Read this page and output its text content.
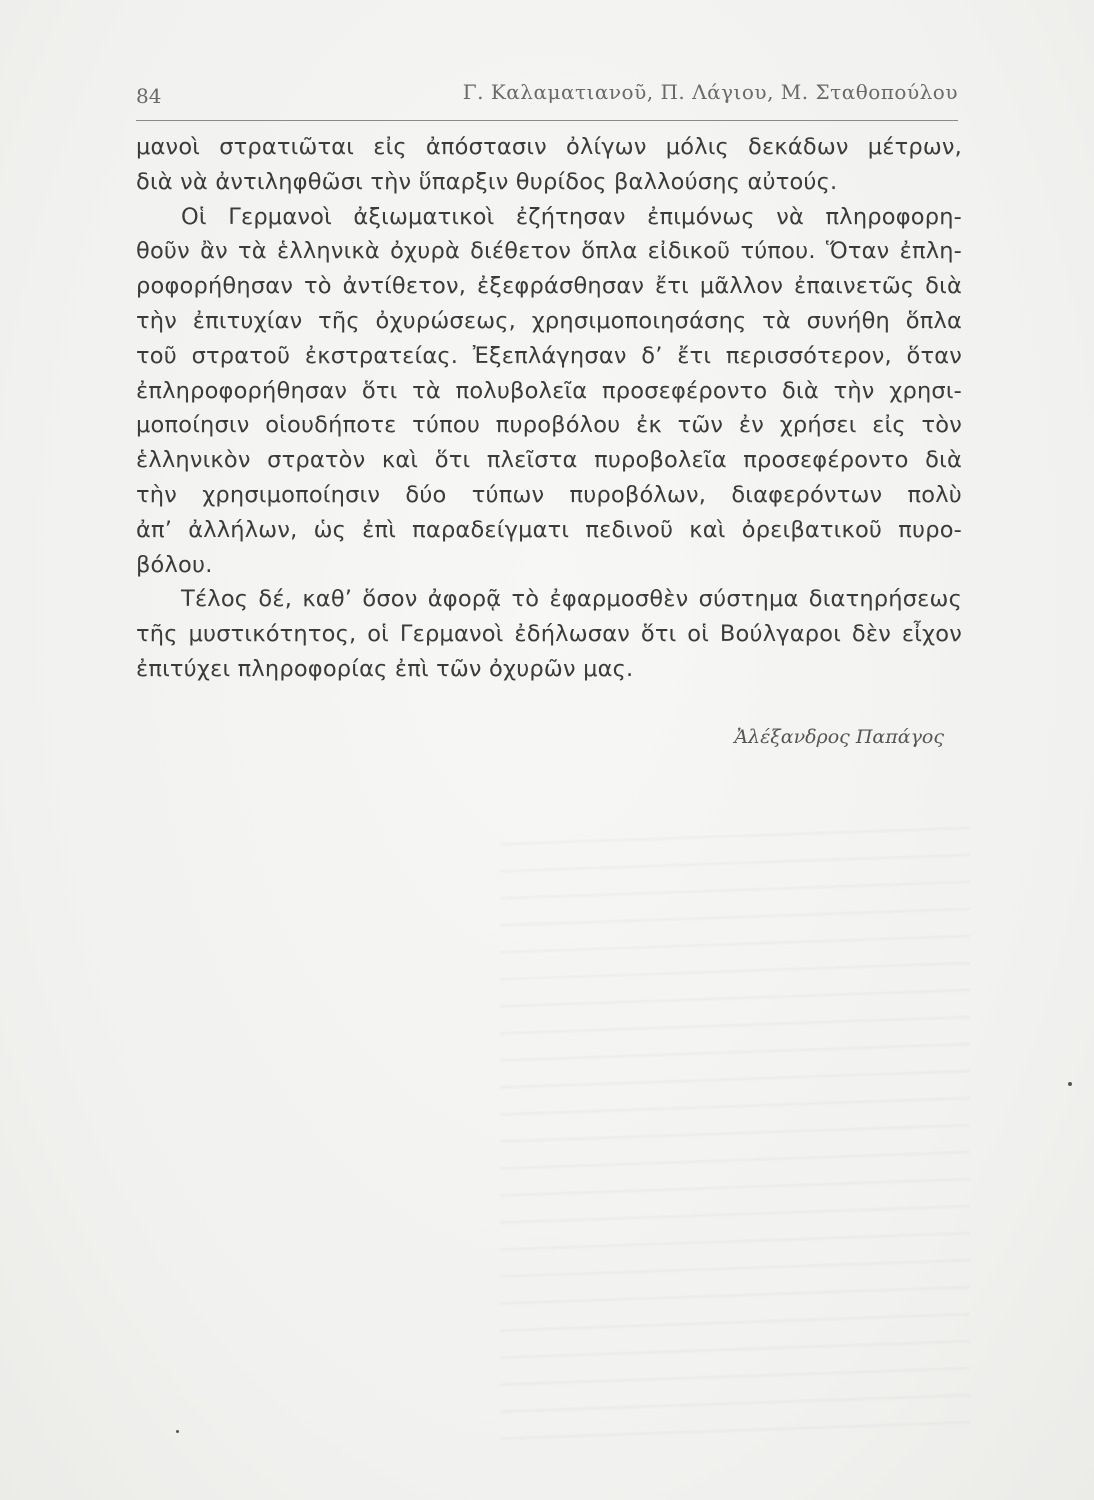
84	Γ. Καλαματιανοῦ, Π. Λάγιου, Μ. Σταθοπούλου
μανοὶ στρατιῶται εἰς ἀπόστασιν ὀλίγων μόλις δεκάδων μέτρων,
διὰ νὰ ἀντιληφθῶσι τὴν ὕπαρξιν θυρίδος βαλλούσης αὐτούς.
Οἱ Γερμανοὶ ἀξιωματικοὶ ἐζήτησαν ἐπιμόνως νὰ πληροφορη-
θοῦν ἂν τὰ ἑλληνικὰ ὀχυρὰ διέθετον ὅπλα εἰδικοῦ τύπου. Ὅταν ἐπλη-
ροφορήθησαν τὸ ἀντίθετον, ἐξεφράσθησαν ἔτι μᾶλλον ἐπαινετῶς διὰ
τὴν ἐπιτυχίαν τῆς ὀχυρώσεως, χρησιμοποιησάσης τὰ συνήθη ὅπλα
τοῦ στρατοῦ ἐκστρατείας. Ἐξεπλάγησαν δ’ ἔτι περισσότερον, ὅταν
ἐπληροφορήθησαν ὅτι τὰ πολυβολεῖα προσεφέροντο διὰ τὴν χρησι-
μοποίησιν οἱουδήποτε τύπου πυροβόλου ἐκ τῶν ἐν χρήσει εἰς τὸν
ἑλληνικὸν στρατὸν καὶ ὅτι πλεῖστα πυροβολεῖα προσεφέροντο διὰ
τὴν χρησιμοποίησιν δύο τύπων πυροβόλων, διαφερόντων πολὺ
ἀπ’ ἀλλήλων, ὡς ἐπὶ παραδείγματι πεδινοῦ καὶ ὀρειβατικοῦ πυρο-
βόλου.
Τέλος δέ, καθ’ ὅσον ἀφορᾷ τὸ ἐφαρμοσθὲν σύστημα διατηρήσεως
τῆς μυστικότητος, οἱ Γερμανοὶ ἐδήλωσαν ὅτι οἱ Βούλγαροι δὲν εἶχον
ἐπιτύχει πληροφορίας ἐπὶ τῶν ὀχυρῶν μας.
Ἀλέξανδρος Παπάγος
